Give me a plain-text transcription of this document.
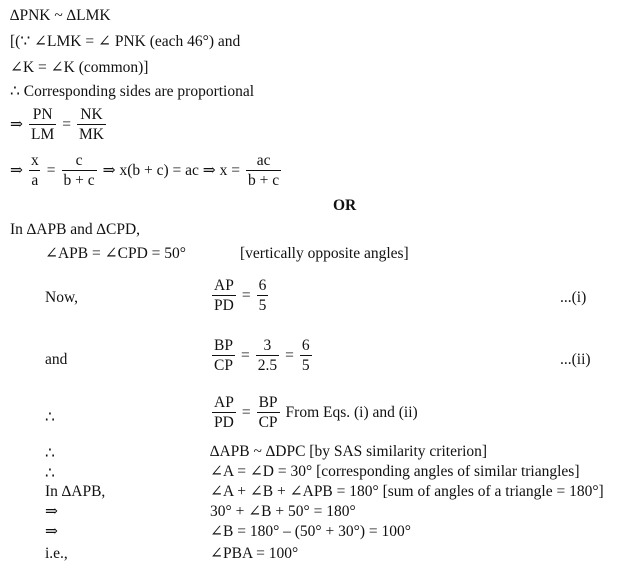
∆PNK ~ ∆LMK
[(∵ ∠LMK = ∠ PNK (each 46°) and
∠K = ∠K (common)]
∴ Corresponding sides are proportional
⇒ $\frac{PN}{LM} = \frac{NK}{MK}$
⇒ $\frac{x}{a} = \frac{c}{b + c}$ ⇒ x(b + c) = ac ⇒ $x = \frac{ac}{b + c}$
OR
In ∆APB and ∆CPD,
∠APB = ∠CPD = 50°	[vertically opposite angles]
Now,	$\frac{AP}{PD} = \frac{6}{5}$	...(i)
and	$\frac{BP}{CP} = \frac{3}{2.5} = \frac{6}{5}$	...(ii)
∴	$\frac{AP}{PD} = \frac{BP}{CP}$ From Eqs. (i) and (ii)
∴	∆APB ~ ∆DPC [by SAS similarity criterion]
∴	∠A = ∠D = 30° [corresponding angles of similar triangles]
In ∆APB,	∠A + ∠B + ∠APB = 180° [sum of angles of a triangle = 180°]
⇒	30° + ∠B + 50° = 180°
⇒	∠B = 180° – (50° + 30°) = 100°
i.e.,	∠PBA = 100°
